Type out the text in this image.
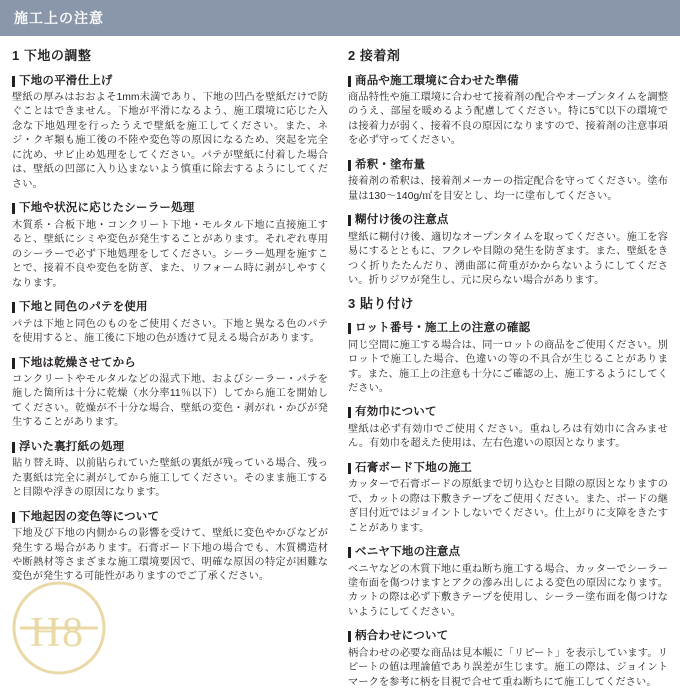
施工上の注意
1 下地の調整
下地の平滑仕上げ

壁紙の厚みはおおよそ1mm未満であり、下地の凹凸を壁紙だけで防ぐことはできません。下地が平滑になるよう、施工環境に応じた入念な下地処理を行ったうえで壁紙を施工してください。また、ネジ・クギ類も施工後の不陸や変色等の原因になるため、突起を完全に沈め、サビ止め処理をしてください。パテが壁紙に付着した場合は、壁紙の凹部に入り込まないよう慎重に除去するようにしてください。

下地や状況に応じたシーラー処理

木質系・合板下地・コンクリート下地・モルタル下地に直接施工すると、壁紙にシミや変色が発生することがあります。それぞれ専用のシーラーで必ず下地処理をしてください。シーラー処理を施すことで、接着不良や変色を防ぎ、また、リフォーム時に剥がしやすくなります。

下地と同色のパテを使用

パテは下地と同色のものをご使用ください。下地と異なる色のパテを使用すると、施工後に下地の色が透けて見える場合があります。

下地は乾燥させてから

コンクリートやモルタルなどの湿式下地、およびシーラー・パテを施した箇所は十分に乾燥（水分率11％以下）してから施工を開始してください。乾燥が不十分な場合、壁紙の変色・剥がれ・かびが発生することがあります。

浮いた裏打紙の処理

貼り替え時、以前貼られていた壁紙の裏紙が残っている場合、残った裏紙は完全に剥がしてから施工してください。そのまま施工すると目隙や浮きの原因になります。

下地起因の変色等について

下地及び下地の内側からの影響を受けて、壁紙に変色やかびなどが発生する場合があります。石膏ボード下地の場合でも、木質構造材や断熱材等さまざまな施工環境要因で、明確な原因の特定が困難な変色が発生する可能性がありますのでご了承ください。

2 接着剤
商品や施工環境に合わせた準備

商品特性や施工環境に合わせて接着剤の配合やオープンタイムを調整のうえ、部屋を暖めるよう配慮してください。特に5℃以下の環境では接着力が弱く、接着不良の原因になりますので、接着剤の注意事項を必ず守ってください。

希釈・塗布量

接着剤の希釈は、接着剤メーカーの指定配合を守ってください。塗布量は130〜140g/㎡を目安とし、均一に塗布してください。

糊付け後の注意点

壁紙に糊付け後、適切なオープンタイムを取ってください。施工を容易にするとともに、フクレや目隙の発生を防ぎます。また、壁紙をきつく折りたたんだり、湧曲部に荷重がかからないようにしてください。折りジワが発生し、元に戻らない場合があります。

3 貼り付け
ロット番号・施工上の注意の確認

同じ空間に施工する場合は、同一ロットの商品をご使用ください。別ロットで施工した場合、色違いの等の不具合が生じることがあります。また、施工上の注意も十分にご確認の上、施工するようにしてください。

有効巾について

壁紙は必ず有効巾でご使用ください。重ねしろは有効巾に含みません。有効巾を超えた使用は、左右色違いの原因となります。

石膏ボード下地の施工

カッターで石膏ボードの原紙まで切り込むと目隙の原因となりますので、カットの際は下敷きテープをご使用ください。また、ボードの継ぎ目付近ではジョイントしないでください。仕上がりに支障をきたすことがあります。

ベニヤ下地の注意点

ベニヤなどの木質下地に重ね断ち施工する場合、カッターでシーラー塗布面を傷つけますとアクの滲み出しによる変色の原因になります。カットの際は必ず下敷きテープを使用し、シーラー塗布面を傷つけないようにしてください。

柄合わせについて

柄合わせの必要な商品は見本帳に「リピート」を表示しています。リピートの値は理論値であり誤差が生じます。施工の際は、ジョイントマークを参考に柄を目視で合せて重ね断ちにて施工してください。

H 8
